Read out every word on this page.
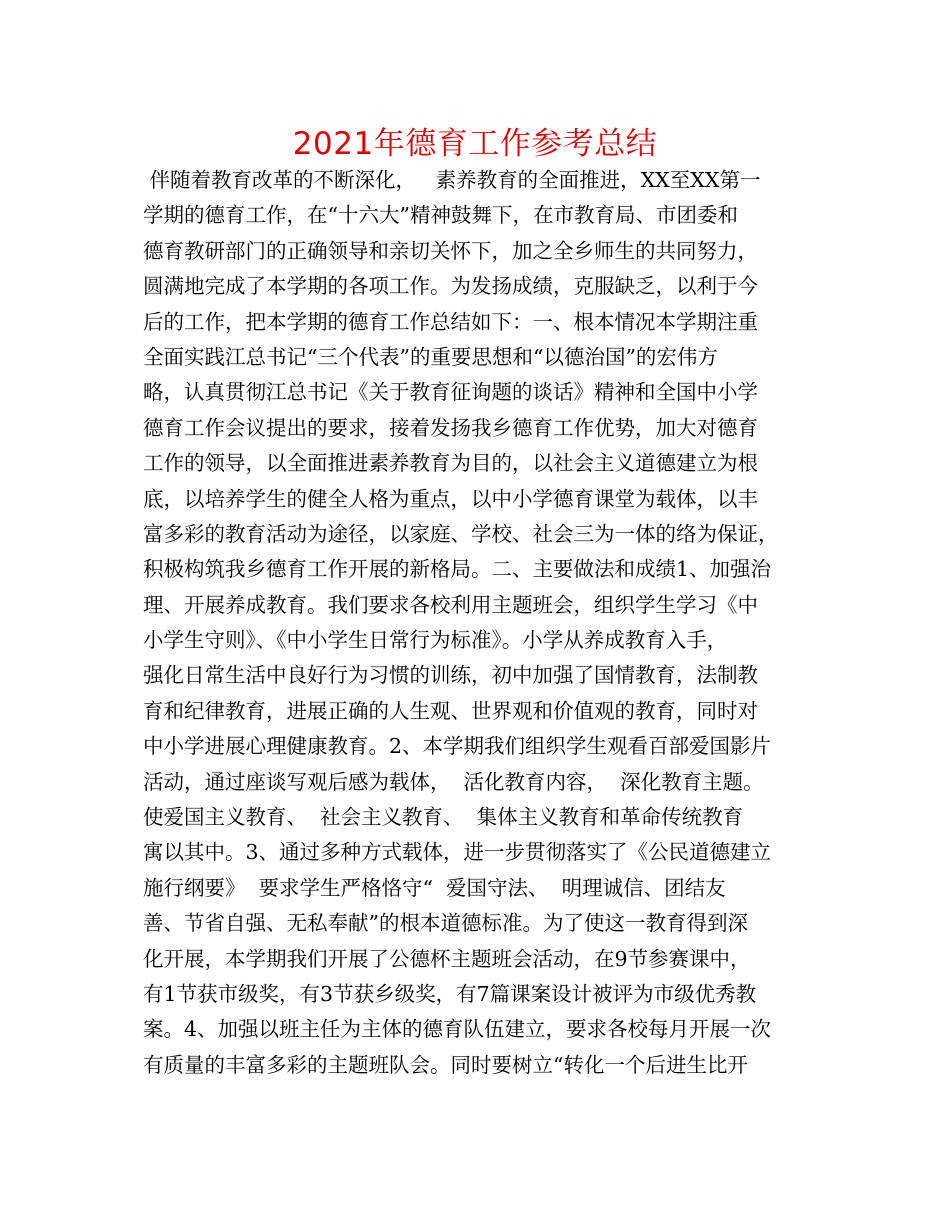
2021年德育工作参考总结
伴随着教育改革的不断深化，   素养教育的全面推进，XX至XX第一
学期的德育工作，在“十六大”精神鼓舞下，在市教育局、市团委和
德育教研部门的正确领导和亲切关怀下，加之全乡师生的共同努力，
圆满地完成了本学期的各项工作。为发扬成绩，克服缺乏，以利于今
后的工作，把本学期的德育工作总结如下：一、根本情况本学期注重
全面实践江总书记“三个代表”的重要思想和“以德治国”的宏伟方
略，认真贯彻江总书记《关于教育征询题的谈话》精神和全国中小学
德育工作会议提出的要求，接着发扬我乡德育工作优势，加大对德育
工作的领导，以全面推进素养教育为目的，以社会主义道德建立为根
底，以培养学生的健全人格为重点，以中小学德育课堂为载体，以丰
富多彩的教育活动为途径，以家庭、学校、社会三为一体的络为保证，
积极构筑我乡德育工作开展的新格局。二、主要做法和成绩1、加强治
理、开展养成教育。我们要求各校利用主题班会，组织学生学习《中
小学生守则》、《中小学生日常行为标准》。小学从养成教育入手，
强化日常生活中良好行为习惯的训练，初中加强了国情教育，法制教
育和纪律教育，进展正确的人生观、世界观和价值观的教育，同时对
中小学进展心理健康教育。2、本学期我们组织学生观看百部爱国影片
活动，通过座谈写观后感为载体，  活化教育内容，  深化教育主题。
使爱国主义教育、  社会主义教育、  集体主义教育和革命传统教育
寓以其中。3、通过多种方式载体，进一步贯彻落实了《公民道德建立
施行纲要》  要求学生严格恪守“  爱国守法、  明理诚信、团结友
善、节省自强、无私奉献”的根本道德标准。为了使这一教育得到深
化开展，本学期我们开展了公德杯主题班会活动，在9节参赛课中，
有1节获市级奖，有3节获乡级奖，有7篇课案设计被评为市级优秀教
案。4、加强以班主任为主体的德育队伍建立，要求各校每月开展一次
有质量的丰富多彩的主题班队会。同时要树立“转化一个后进生比开
